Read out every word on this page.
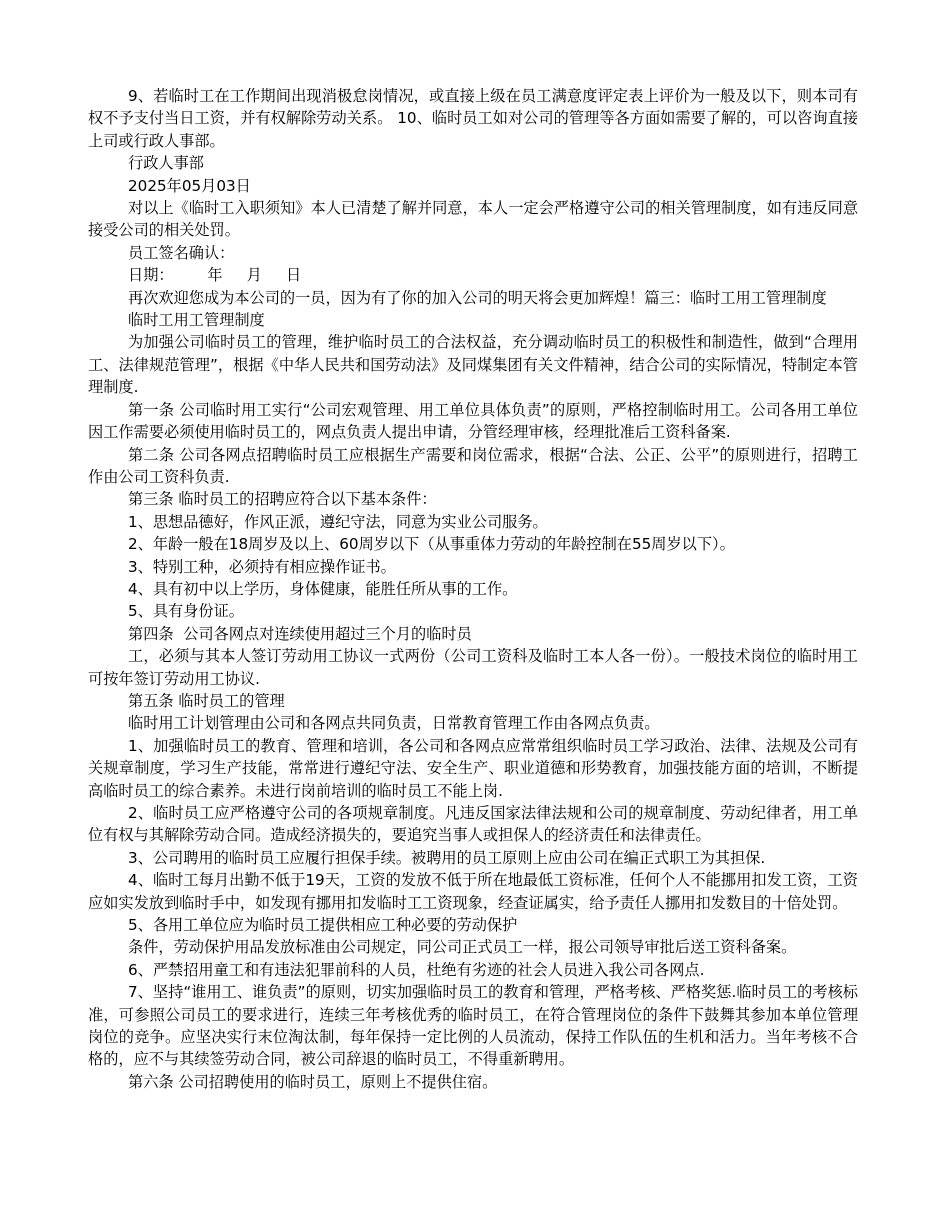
9、若临时工在工作期间出现消极怠岗情况，或直接上级在员工满意度评定表上评价为一般及以下，则本司有权不予支付当日工资，并有权解除劳动关系。 10、临时员工如对公司的管理等各方面如需要了解的，可以咨询直接上司或行政人事部。

行政人事部

2025年05月03日

对以上《临时工入职须知》本人已清楚了解并同意，本人一定会严格遵守公司的相关管理制度，如有违反同意接受公司的相关处罚。

员工签名确认：

日期：       年     月     日

再次欢迎您成为本公司的一员，因为有了你的加入公司的明天将会更加辉煌！篇三：临时工用工管理制度

临时工用工管理制度

为加强公司临时员工的管理，维护临时员工的合法权益，充分调动临时员工的积极性和制造性，做到“合理用工、法律规范管理”，根据《中华人民共和国劳动法》及同煤集团有关文件精神，结合公司的实际情况，特制定本管理制度.

第一条 公司临时用工实行“公司宏观管理、用工单位具体负责”的原则，严格控制临时用工。公司各用工单位因工作需要必须使用临时员工的，网点负责人提出申请，分管经理审核，经理批准后工资科备案.

第二条 公司各网点招聘临时员工应根据生产需要和岗位需求，根据“合法、公正、公平”的原则进行，招聘工作由公司工资科负责.

第三条 临时员工的招聘应符合以下基本条件：

1、思想品德好，作风正派，遵纪守法，同意为实业公司服务。

2、年龄一般在18周岁及以上、60周岁以下（从事重体力劳动的年龄控制在55周岁以下）。

3、特别工种，必须持有相应操作证书。

4、具有初中以上学历，身体健康，能胜任所从事的工作。

5、具有身份证。

第四条  公司各网点对连续使用超过三个月的临时员

工，必须与其本人签订劳动用工协议一式两份（公司工资科及临时工本人各一份）。一般技术岗位的临时用工可按年签订劳动用工协议.

第五条 临时员工的管理

临时用工计划管理由公司和各网点共同负责，日常教育管理工作由各网点负责。

1、加强临时员工的教育、管理和培训，各公司和各网点应常常组织临时员工学习政治、法律、法规及公司有关规章制度，学习生产技能，常常进行遵纪守法、安全生产、职业道德和形势教育，加强技能方面的培训，不断提高临时员工的综合素养。未进行岗前培训的临时员工不能上岗.

2、临时员工应严格遵守公司的各项规章制度。凡违反国家法律法规和公司的规章制度、劳动纪律者，用工单位有权与其解除劳动合同。造成经济损失的，要追究当事人或担保人的经济责任和法律责任。

3、公司聘用的临时员工应履行担保手续。被聘用的员工原则上应由公司在编正式职工为其担保.

4、临时工每月出勤不低于19天，工资的发放不低于所在地最低工资标准，任何个人不能挪用扣发工资，工资应如实发放到临时手中，如发现有挪用扣发临时工工资现象，经查证属实，给予责任人挪用扣发数目的十倍处罚。

5、各用工单位应为临时员工提供相应工种必要的劳动保护

条件，劳动保护用品发放标准由公司规定，同公司正式员工一样，报公司领导审批后送工资科备案。

6、严禁招用童工和有违法犯罪前科的人员，杜绝有劣迹的社会人员进入我公司各网点.

7、坚持“谁用工、谁负责”的原则，切实加强临时员工的教育和管理，严格考核、严格奖惩.临时员工的考核标准，可参照公司员工的要求进行，连续三年考核优秀的临时员工，在符合管理岗位的条件下鼓舞其参加本单位管理岗位的竞争。应坚决实行末位淘汰制，每年保持一定比例的人员流动，保持工作队伍的生机和活力。当年考核不合格的，应不与其续签劳动合同，被公司辞退的临时员工，不得重新聘用。

第六条 公司招聘使用的临时员工，原则上不提供住宿。
